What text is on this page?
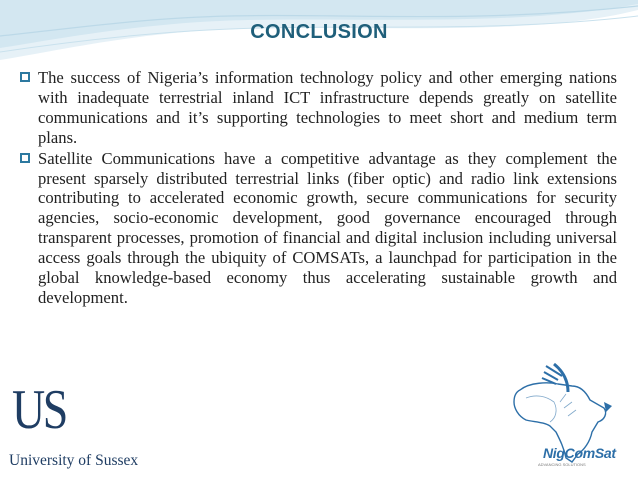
CONCLUSION
The success of Nigeria’s information technology policy and other emerging nations with inadequate terrestrial inland ICT infrastructure depends greatly on satellite communications and it’s supporting technologies to meet short and medium term plans.
Satellite Communications have a competitive advantage as they complement the present sparsely distributed terrestrial links (fiber optic) and radio link extensions contributing to accelerated economic growth, secure communications for security agencies, socio-economic development, good governance encouraged through transparent processes, promotion of financial and digital inclusion including universal access goals through the ubiquity of COMSATs, a launchpad for participation in the global knowledge-based economy thus accelerating sustainable growth and development.
US
University of Sussex	NigComSat
ADVANCING SOLUTIONS
